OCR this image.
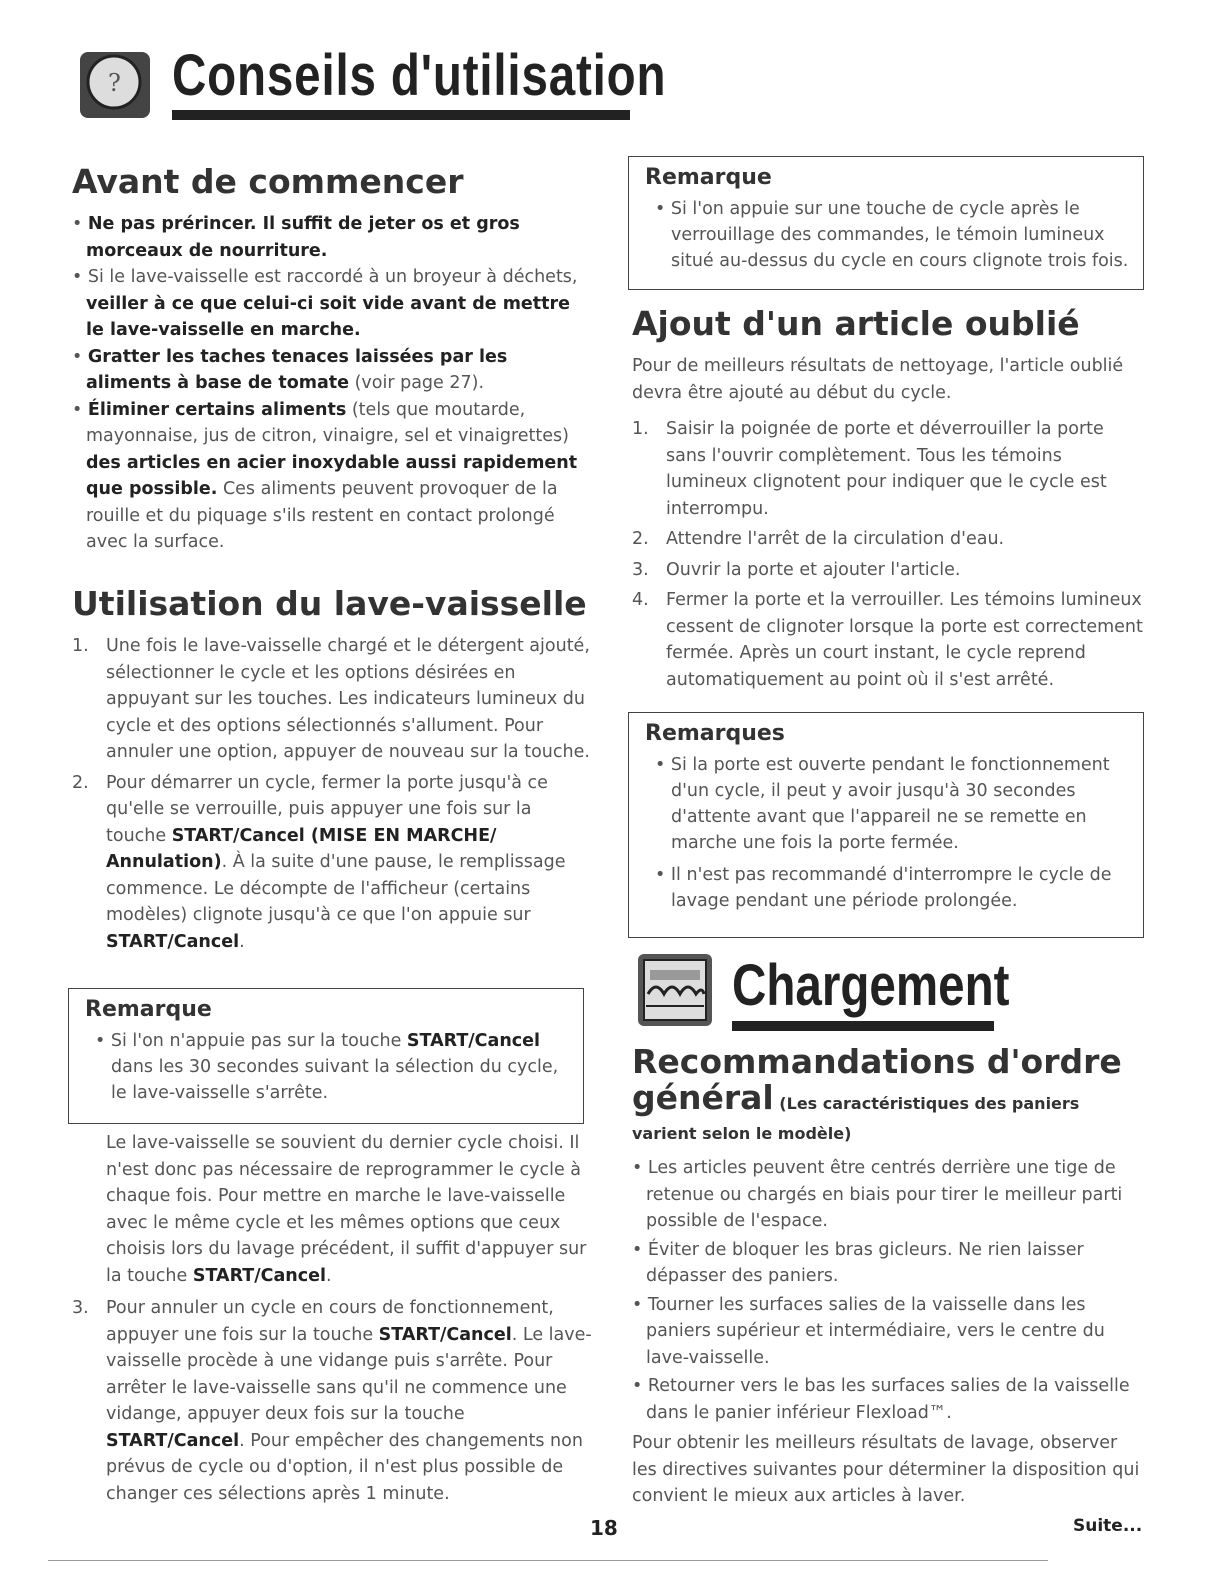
? Conseils d'utilisation
Avant de commencer

• Ne pas prérincer. Il suffit de jeter os et gros morceaux de nourriture.

• Si le lave-vaisselle est raccordé à un broyeur à déchets, veiller à ce que celui-ci soit vide avant de mettre le lave-vaisselle en marche.

• Gratter les taches tenaces laissées par les aliments à base de tomate (voir page 27).

• Éliminer certains aliments (tels que moutarde, mayonnaise, jus de citron, vinaigre, sel et vinaigrettes) des articles en acier inoxydable aussi rapidement que possible. Ces aliments peuvent provoquer de la rouille et du piquage s'ils restent en contact prolongé avec la surface.

Utilisation du lave-vaisselle
1. Une fois le lave-vaisselle chargé et le détergent ajouté, sélectionner le cycle et les options désirées en appuyant sur les touches. Les indicateurs lumineux du cycle et des options sélectionnés s'allument. Pour annuler une option, appuyer de nouveau sur la touche.
2. Pour démarrer un cycle, fermer la porte jusqu'à ce qu'elle se verrouille, puis appuyer une fois sur la touche START/Cancel (MISE EN MARCHE/ Annulation). À la suite d'une pause, le remplissage commence. Le décompte de l'afficheur (certains modèles) clignote jusqu'à ce que l'on appuie sur START/Cancel.
Remarque

• Si l'on n'appuie pas sur la touche START/Cancel dans les 30 secondes suivant la sélection du cycle, le lave-vaisselle s'arrête.

Le lave-vaisselle se souvient du dernier cycle choisi. Il n'est donc pas nécessaire de reprogrammer le cycle à chaque fois. Pour mettre en marche le lave-vaisselle avec le même cycle et les mêmes options que ceux choisis lors du lavage précédent, il suffit d'appuyer sur la touche START/Cancel.

3. Pour annuler un cycle en cours de fonctionnement, appuyer une fois sur la touche START/Cancel. Le lave-vaisselle procède à une vidange puis s'arrête. Pour arrêter le lave-vaisselle sans qu'il ne commence une vidange, appuyer deux fois sur la touche START/Cancel. Pour empêcher des changements non prévus de cycle ou d'option, il n'est plus possible de changer ces sélections après 1 minute.
Remarque

• Si l'on appuie sur une touche de cycle après le verrouillage des commandes, le témoin lumineux situé au-dessus du cycle en cours clignote trois fois.

Ajout d'un article oublié

Pour de meilleurs résultats de nettoyage, l'article oublié devra être ajouté au début du cycle.

1. Saisir la poignée de porte et déverrouiller la porte sans l'ouvrir complètement. Tous les témoins lumineux clignotent pour indiquer que le cycle est interrompu.
2. Attendre l'arrêt de la circulation d'eau.
3. Ouvrir la porte et ajouter l'article.
4. Fermer la porte et la verrouiller. Les témoins lumineux cessent de clignoter lorsque la porte est correctement fermée. Après un court instant, le cycle reprend automatiquement au point où il s'est arrêté.
Remarques

• Si la porte est ouverte pendant le fonctionnement d'un cycle, il peut y avoir jusqu'à 30 secondes d'attente avant que l'appareil ne se remette en marche une fois la porte fermée.

• Il n'est pas recommandé d'interrompre le cycle de lavage pendant une période prolongée.

Chargement
Recommandations d'ordre
général (Les caractéristiques des paniers varient selon le modèle)

• Les articles peuvent être centrés derrière une tige de retenue ou chargés en biais pour tirer le meilleur parti possible de l'espace.

• Éviter de bloquer les bras gicleurs. Ne rien laisser dépasser des paniers.

• Tourner les surfaces salies de la vaisselle dans les paniers supérieur et intermédiaire, vers le centre du lave-vaisselle.

• Retourner vers le bas les surfaces salies de la vaisselle dans le panier inférieur Flexload™.

Pour obtenir les meilleurs résultats de lavage, observer les directives suivantes pour déterminer la disposition qui convient le mieux aux articles à laver.

18	Suite...
